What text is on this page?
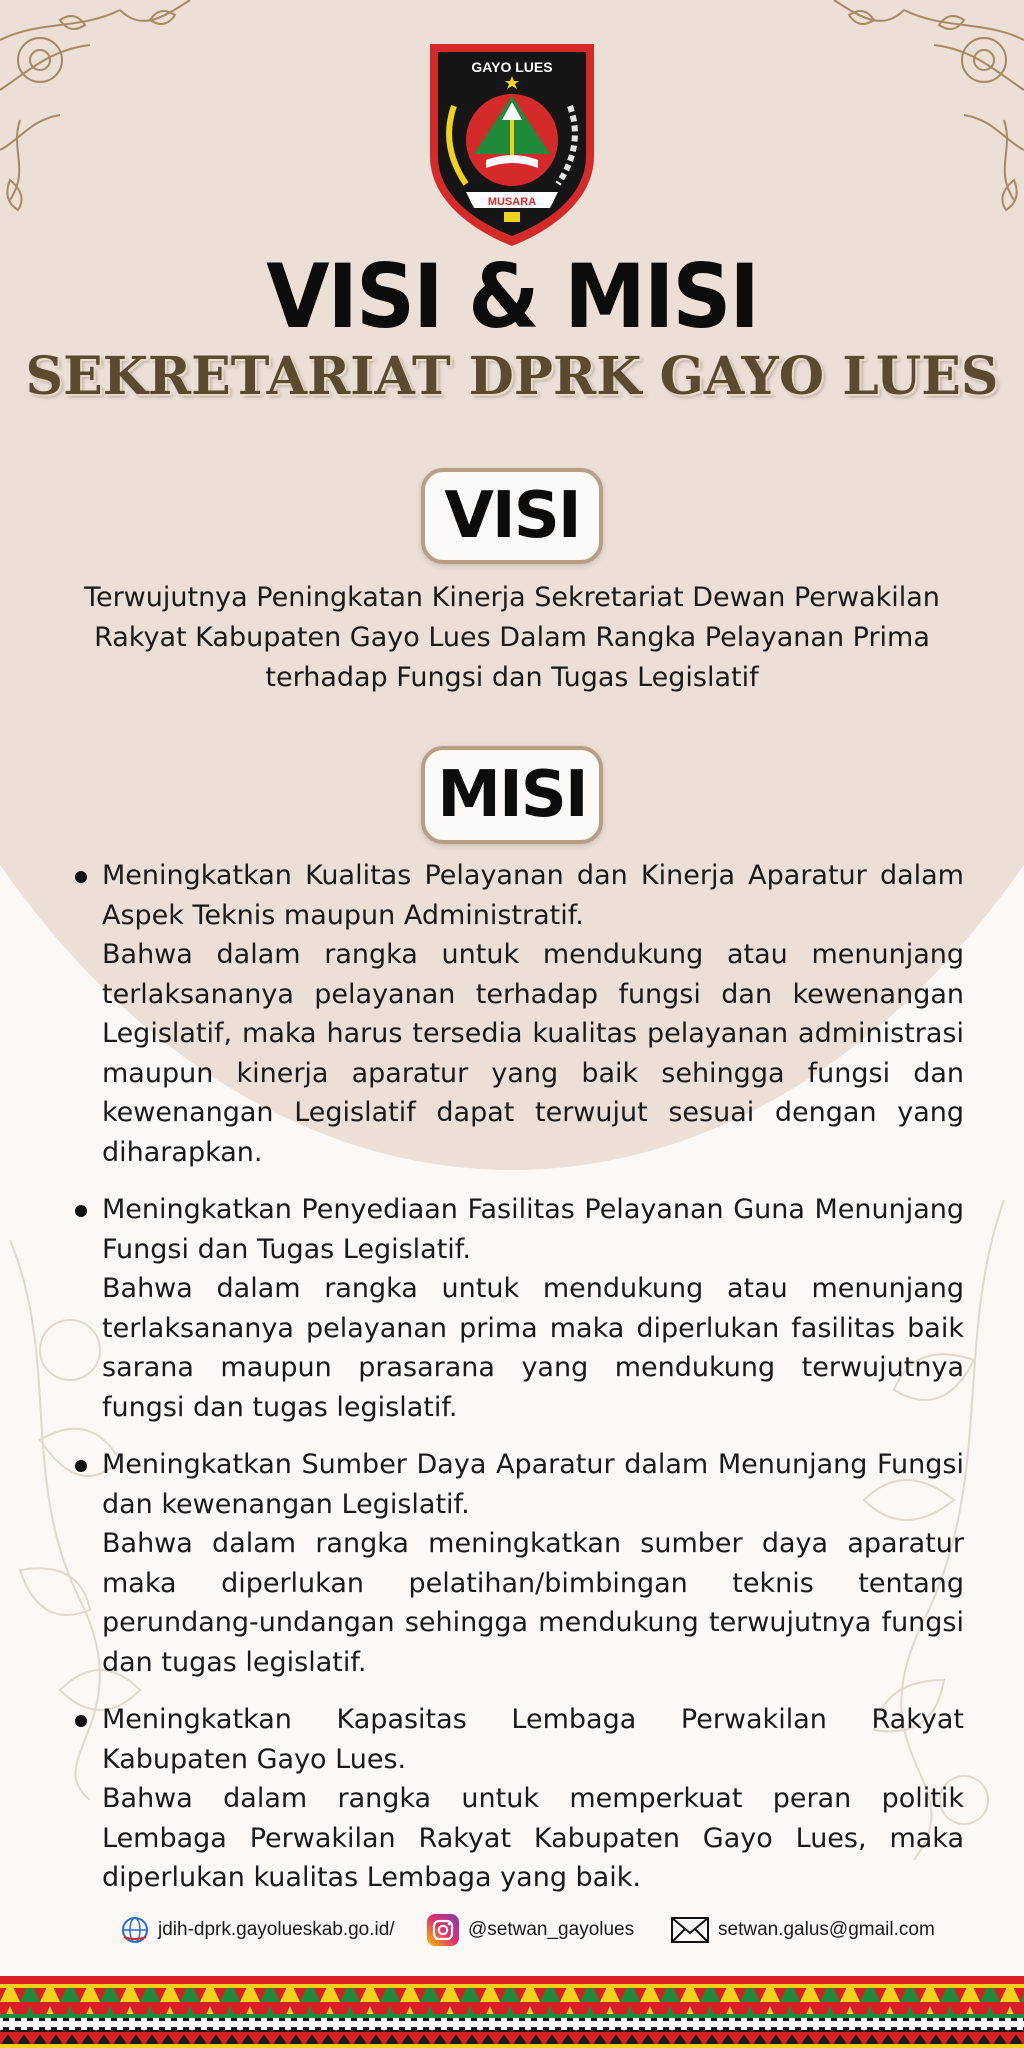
GAYO LUES
MUSARA
VISI & MISI
SEKRETARIAT DPRK GAYO LUES
VISI
Terwujutnya Peningkatan Kinerja Sekretariat Dewan Perwakilan Rakyat Kabupaten Gayo Lues Dalam Rangka Pelayanan Prima terhadap Fungsi dan Tugas Legislatif
MISI

Meningkatkan Kualitas Pelayanan dan Kinerja Aparatur dalam Aspek Teknis maupun Administratif.

Bahwa dalam rangka untuk mendukung atau menunjang terlaksananya pelayanan terhadap fungsi dan kewenangan Legislatif, maka harus tersedia kualitas pelayanan administrasi maupun kinerja aparatur yang baik sehingga fungsi dan kewenangan Legislatif dapat terwujut sesuai dengan yang diharapkan.

Meningkatkan Penyediaan Fasilitas Pelayanan Guna Menunjang Fungsi dan Tugas Legislatif.

Bahwa dalam rangka untuk mendukung atau menunjang terlaksananya pelayanan prima maka diperlukan fasilitas baik sarana maupun prasarana yang mendukung terwujutnya fungsi dan tugas legislatif.

Meningkatkan Sumber Daya Aparatur dalam Menunjang Fungsi dan kewenangan Legislatif.

Bahwa dalam rangka meningkatkan sumber daya aparatur maka diperlukan pelatihan/bimbingan teknis tentang perundang-undangan sehingga mendukung terwujutnya fungsi dan tugas legislatif.

Meningkatkan Kapasitas Lembaga Perwakilan Rakyat Kabupaten Gayo Lues.

Bahwa dalam rangka untuk memperkuat peran politik Lembaga Perwakilan Rakyat Kabupaten Gayo Lues, maka diperlukan kualitas Lembaga yang baik.

jdih-dprk.gayolueskab.go.id/	@setwan_gayolues	setwan.galus@gmail.com
